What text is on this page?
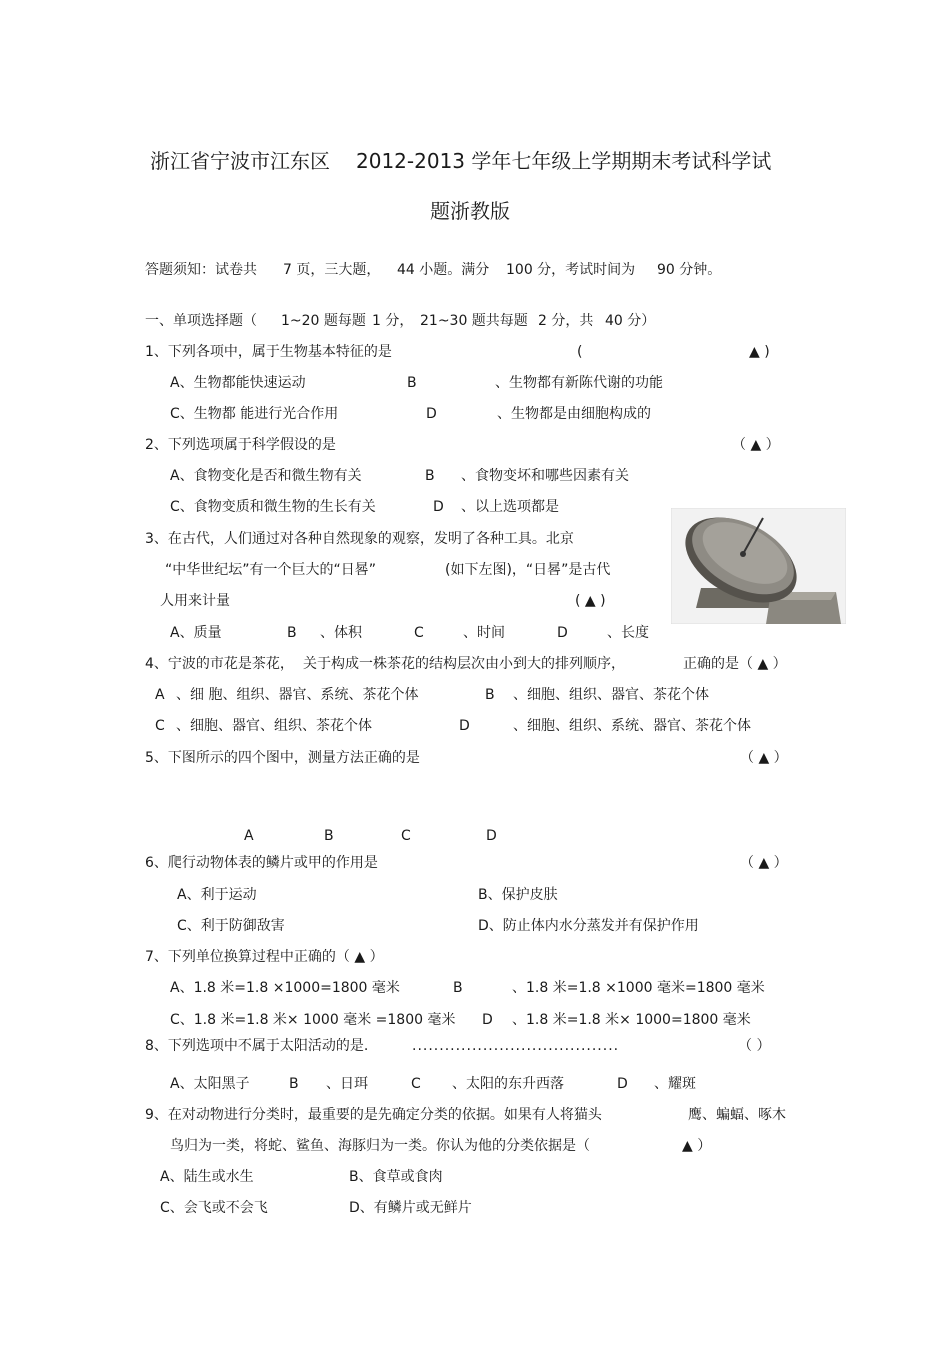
浙江省宁波市江东区 2012-2013 学年七年级上学期期末考试科学试
题浙教版
答题须知：试卷共 7 页，三大题， 44 小题。满分 100 分，考试时间为 90 分钟。
一、单项选择题（ 1~20 题每题 1 分， 21~30 题共每题 2 分，共 40 分）
1、下列各项中，属于生物基本特征的是	(	▲ )
A、生物都能快速运动	B	、生物都有新陈代谢的功能
C、生物都 能进行光合作用	D	、生物都是由细胞构成的
2、下列选项属于科学假设的是	（ ▲ ）
A、食物变化是否和微生物有关	B 、食物变坏和哪些因素有关
C、食物变质和微生物的生长有关	D 、以上选项都是
3、在古代，人们通过对各种自然现象的观察，发明了各种工具。北京
“中华世纪坛”有一个巨大的“日晷”	(如下左图)，“日晷”是古代
人用来计量	( ▲ )
A、质量	B 、体积	C	、时间	D	、长度
4、宁波的市花是茶花， 关于构成一株茶花的结构层次由小到大的排列顺序，	正确的是（ ▲ ）
A 、细 胞、组织、器官、系统、茶花个体	B 、细胞、组织、器官、茶花个体
C 、细胞、器官、组织、茶花个体	D	、细胞、组织、系统、器官、茶花个体
5、下图所示的四个图中，测量方法正确的是	（ ▲ ）
A	B	C	D
6、爬行动物体表的鳞片或甲的作用是	（ ▲ ）
A、利于运动	B、保护皮肤
C、利于防御敌害	D、防止体内水分蒸发并有保护作用
7、下列单位换算过程中正确的（ ▲ ）
A、1.8 米=1.8 ×1000=1800 毫米	B	、1.8 米=1.8 ×1000 毫米=1800 毫米
C、1.8 米=1.8 米× 1000 毫米 =1800 毫米 D 、1.8 米=1.8 米× 1000=1800 毫米
8、下列选项中不属于太阳活动的是.	......................................	（ ）
A、太阳黑子	B 、日珥	C 、太阳的东升西落	D 、耀斑
9、在对动物进行分类时，最重要的是先确定分类的依据。如果有人将猫头	鹰、蝙蝠、啄木
鸟归为一类，将蛇、鲨鱼、海豚归为一类。你认为他的分类依据是（	▲ ）
A、陆生或水生	B、食草或食肉
C、会飞或不会飞	D、有鳞片或无鲜片
